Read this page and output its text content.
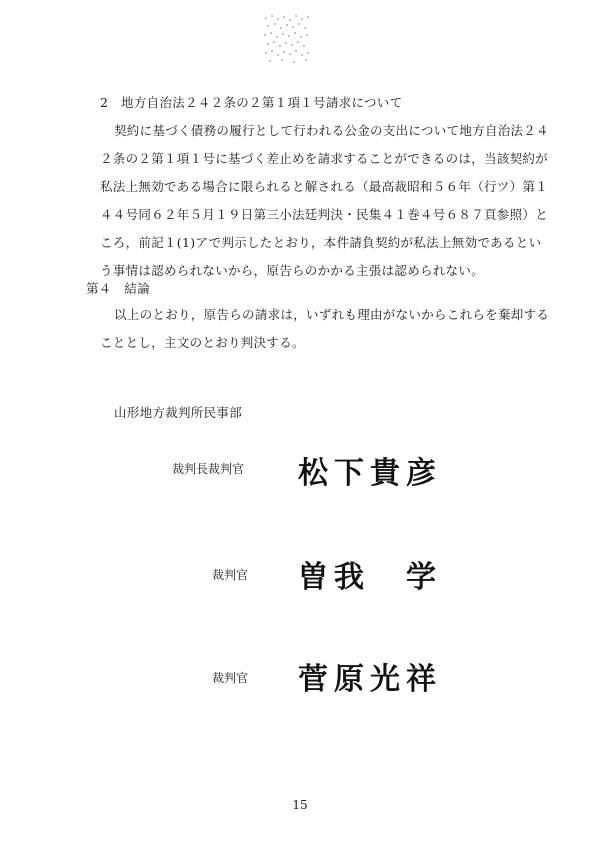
2　地方自治法２４２条の２第１項１号請求について
契約に基づく債務の履行として行われる公金の支出について地方自治法２４
２条の２第１項１号に基づく差止めを請求することができるのは，当該契約が
私法上無効である場合に限られると解される（最高裁昭和５６年（行ツ）第１
４４号同６２年５月１９日第三小法廷判決・民集４１巻４号６８７頁参照）と
ころ，前記１(1)アで判示したとおり，本件請負契約が私法上無効であるとい
う事情は認められないから，原告らのかかる主張は認められない。
第４　結論
以上のとおり，原告らの請求は，いずれも理由がないからこれらを棄却する
こととし，主文のとおり判決する。
山形地方裁判所民事部
裁判長裁判官 松下貴彦
裁判官 曽我　学
裁判官 菅原光祥
15
